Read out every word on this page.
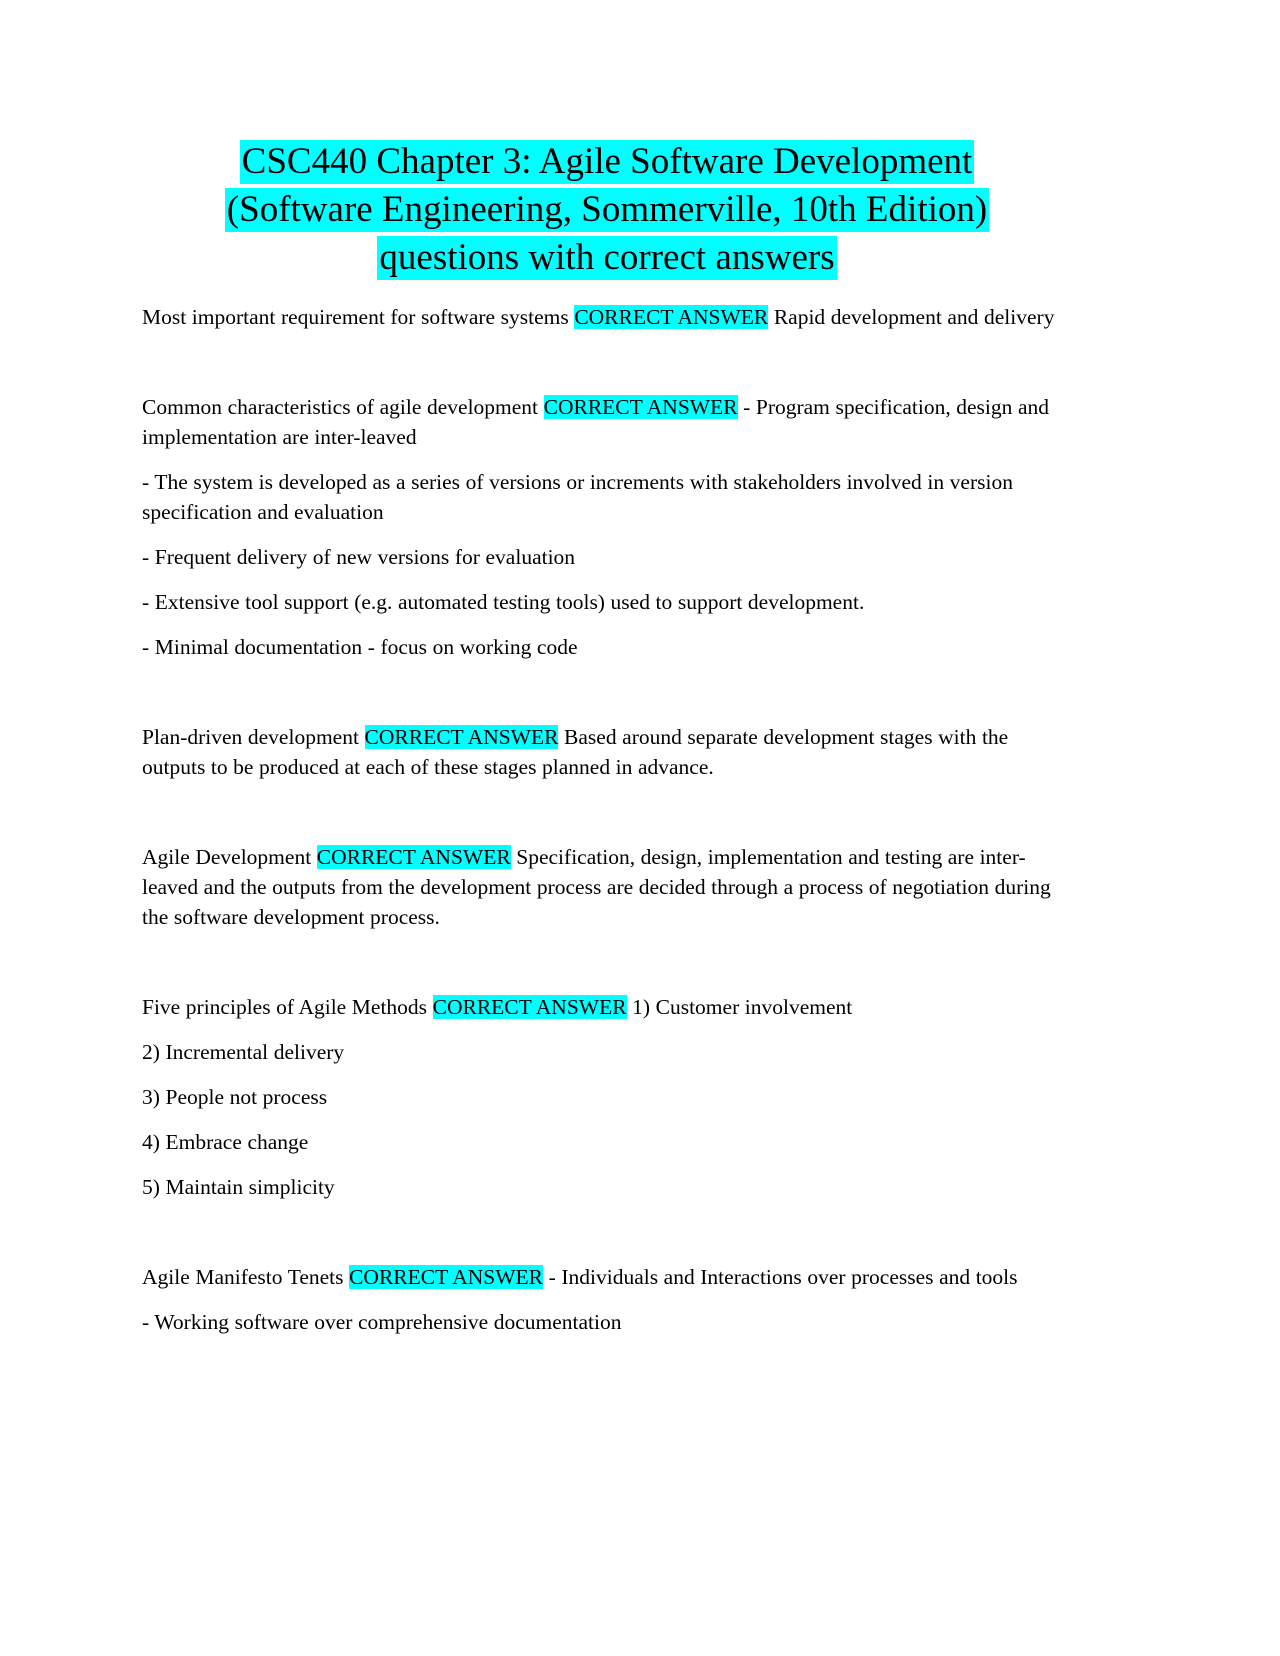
CSC440 Chapter 3: Agile Software Development
(Software Engineering, Sommerville, 10th Edition)
questions with correct answers

Most important requirement for software systems CORRECT ANSWER Rapid development and delivery

Common characteristics of agile development CORRECT ANSWER - Program specification, design and implementation are inter-leaved

- The system is developed as a series of versions or increments with stakeholders involved in version specification and evaluation

- Frequent delivery of new versions for evaluation

- Extensive tool support (e.g. automated testing tools) used to support development.

- Minimal documentation - focus on working code

Plan-driven development CORRECT ANSWER Based around separate development stages with the outputs to be produced at each of these stages planned in advance.

Agile Development CORRECT ANSWER Specification, design, implementation and testing are inter-leaved and the outputs from the development process are decided through a process of negotiation during the software development process.

Five principles of Agile Methods CORRECT ANSWER 1) Customer involvement

2) Incremental delivery

3) People not process

4) Embrace change

5) Maintain simplicity

Agile Manifesto Tenets CORRECT ANSWER - Individuals and Interactions over processes and tools

- Working software over comprehensive documentation
